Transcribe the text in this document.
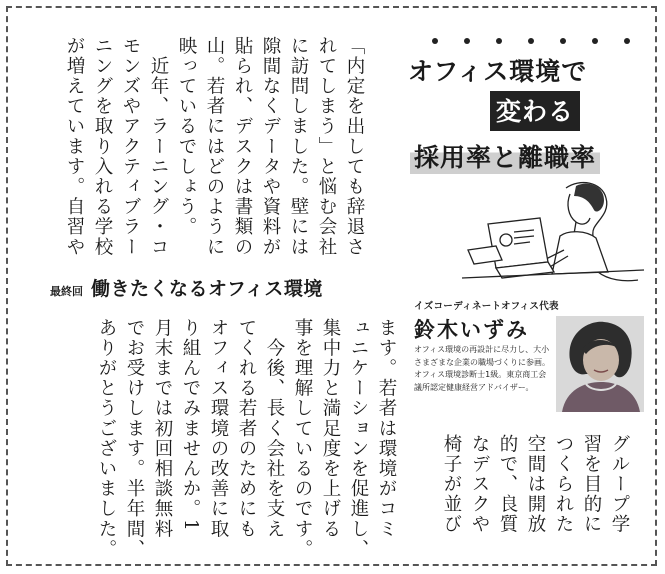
オフィス環境で
変わる
採用率と離職率
イズコーディネートオフィス代表
鈴木いずみ

オフィス環境の再設計に尽力し、大小さまざまな企業の職場づくりに参画。オフィス環境診断士1級。東京商工会議所認定健康経営アドバイザー。

最終回 働きたくなるオフィス環境

「内定を出しても辞退さ
れてしまう」と悩む会社
に訪問しました。壁には
隙間なくデータや資料が
貼られ、デスクは書類の
山。若者にはどのように
映っているでしょう。
　近年、ラーニング・コ
モンズやアクティブラー
ニングを取り入れる学校
が増えています。自習や

グループ学
習を目的に
つくられた
空間は開放
的で、良質
なデスクや
椅子が並び

ます。若者は環境がコミ
ュニケーションを促進し、
集中力と満足度を上げる
事を理解しているのです。
　今後、長く会社を支え
てくれる若者のためにも
オフィス環境の改善に取
り組んでみませんか。1
月末までは初回相談無料
でお受けします。半年間、
ありがとうございました。
